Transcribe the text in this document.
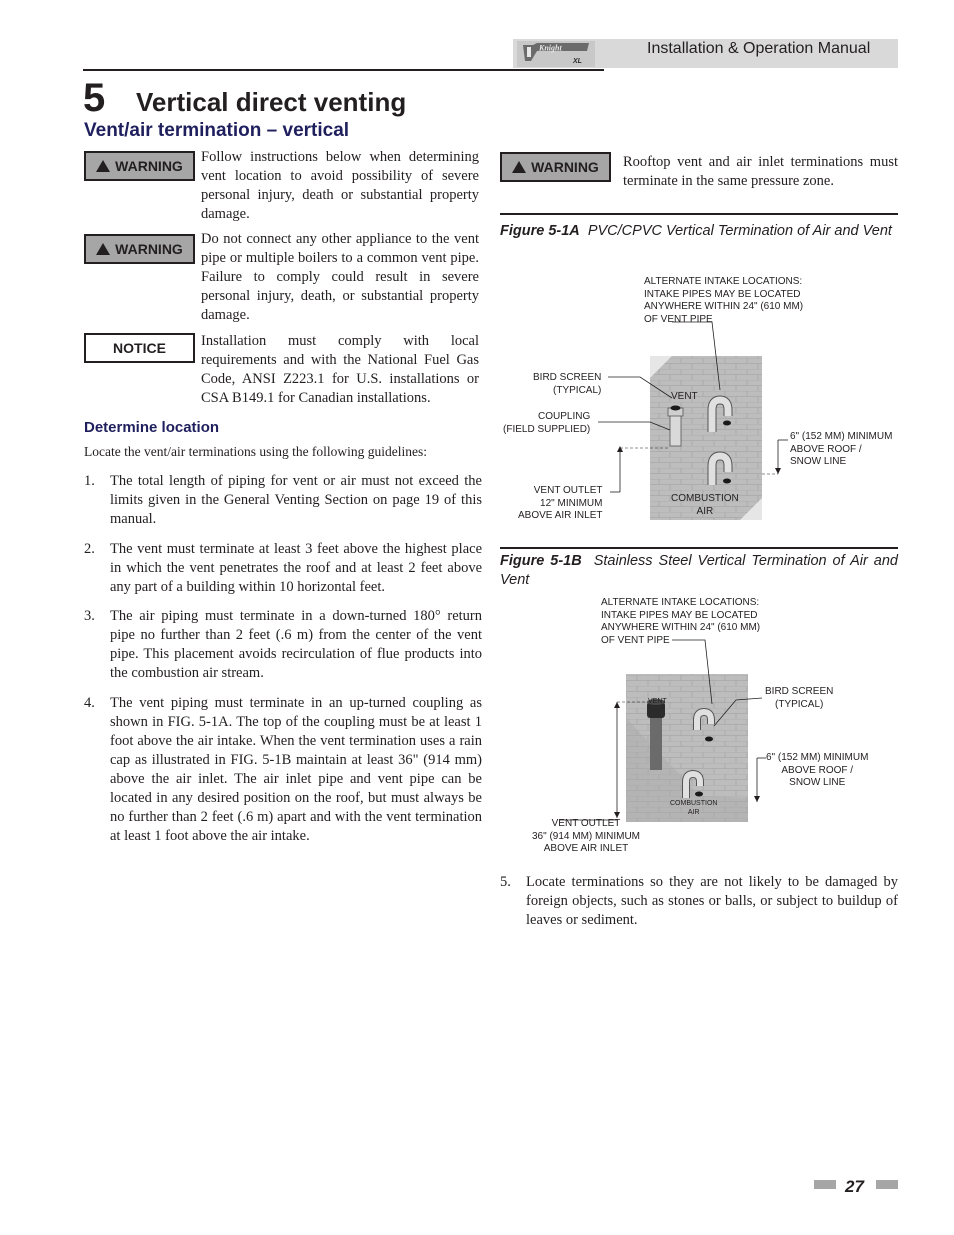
Knight
XL
Installation & Operation Manual
5 Vertical direct venting
Vent/air termination – vertical
WARNING
Follow instructions below when determining vent location to avoid possibility of severe personal injury, death or substantial property damage.
WARNING
Do not connect any other appliance to the vent pipe or multiple boilers to a common vent pipe. Failure to comply could result in severe personal injury, death, or substantial property damage.
NOTICE Installation must comply with local requirements and with the National Fuel Gas Code, ANSI Z223.1 for U.S. installations or CSA B149.1 for Canadian installations.
Determine location
Locate the vent/air terminations using the following guidelines:
1. The total length of piping for vent or air must not exceed the limits given in the General Venting Section on page 19 of this manual.
2. The vent must terminate at least 3 feet above the highest place in which the vent penetrates the roof and at least 2 feet above any part of a building within 10 horizontal feet.
3. The air piping must terminate in a down-turned 180° return pipe no further than 2 feet (.6 m) from the center of the vent pipe. This placement avoids recirculation of flue products into the combustion air stream.
4. The vent piping must terminate in an up-turned coupling as shown in FIG. 5-1A. The top of the coupling must be at least 1 foot above the air intake. When the vent termination uses a rain cap as illustrated in FIG. 5-1B maintain at least 36" (914 mm) above the air inlet. The air inlet pipe and vent pipe can be located in any desired position on the roof, but must always be no further than 2 feet (.6 m) apart and with the vent termination at least 1 foot above the air intake.
WARNING Rooftop vent and air inlet terminations must terminate in the same pressure zone.
Figure 5-1A PVC/CPVC Vertical Termination of Air and Vent
ALTERNATE INTAKE LOCATIONS:
INTAKE PIPES MAY BE LOCATED
ANYWHERE WITHIN 24" (610 MM)
OF VENT PIPE
BIRD SCREEN
(TYPICAL)
COUPLING
(FIELD SUPPLIED)
VENT
6" (152 MM) MINIMUM
ABOVE ROOF /
SNOW LINE
VENT OUTLET
12" MINIMUM
ABOVE AIR INLET
COMBUSTION
AIR
Figure 5-1B Stainless Steel Vertical Termination of Air and Vent
ALTERNATE INTAKE LOCATIONS:
INTAKE PIPES MAY BE LOCATED
ANYWHERE WITHIN 24" (610 MM)
OF VENT PIPE
BIRD SCREEN
(TYPICAL)
VENT
6" (152 MM) MINIMUM
ABOVE ROOF /
SNOW LINE
COMBUSTION
AIR
VENT OUTLET
36" (914 MM) MINIMUM
ABOVE AIR INLET
5. Locate terminations so they are not likely to be damaged by foreign objects, such as stones or balls, or subject to buildup of leaves or sediment.
27
